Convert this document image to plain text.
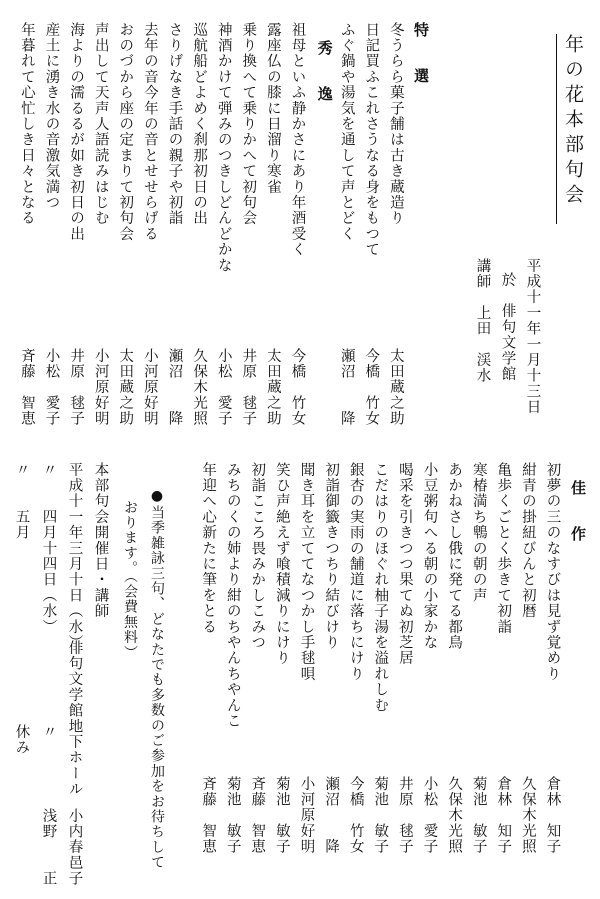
年の花本部句会
平成十一年一月十三日
於　俳句文学館
講師　上田　渓水
特　選
冬うらら菓子舗は古き蔵造り
太田蔵之助
日記買ふこれさうなる身をもつて
今橋　竹女
ふぐ鍋や湯気を通して声とどく
瀬沼　　降
秀　逸
祖母といふ静かさにあり年酒受く
今橋　竹女
露座仏の膝に日溜り寒雀
太田蔵之助
乗り換へて乗りかへて初句会
井原　毬子
神酒かけて弾みのつきしどんどかな
小松　愛子
巡航船どよめく刹那初日の出
久保木光照
さりげなき手話の親子や初詣
瀬沼　　降
去年の音今年の音とせせらげる
小河原好明
おのづから座の定まりて初句会
太田蔵之助
声出して天声人語読みはじむ
小河原好明
海よりの濡るるが如き初日の出
井原　毬子
産土に湧き水の音激気満つ
小松　愛子
年暮れて心忙しき日々となる
斉藤　智恵
佳　作
初夢の三のなすびは見ず覚めり
倉林　知子
紺青の掛紐びんと初暦
久保木光照
亀歩くごとく歩きて初詣
倉林　知子
寒椿満ち鵯の朝の声
菊池　敏子
あかねさし俄に発てる都鳥
久保木光照
小豆粥句へる朝の小家かな
小松　愛子
喝采を引きつつ果てぬ初芝居
井原　毬子
こだはりのほぐれ柚子湯を溢れしむ
菊池　敏子
銀杏の実雨の舗道に落ちにけり
今橋　竹女
初詣御籤きつちり結びけり
瀬沼　　降
聞き耳を立ててなつかし手毬唄
小河原好明
笑ひ声絶えず喰積減りにけり
菊池　敏子
初詣こころ畏みかしこみつ
斉藤　智恵
みちのくの姉より紺のちやんちやんこ
菊池　敏子
年迎へ心新たに筆をとる
斉藤　智恵
●当季雑詠三句、どなたでも多数のご参加をお待ちして
おります。（会費無料）
本部句会開催日・講師
平成十一年三月十日（水）
俳句文学館地下ホール
小内春邑子
〃　　四月十四日（水）
〃
浅野　　正
〃　　五月
休み
